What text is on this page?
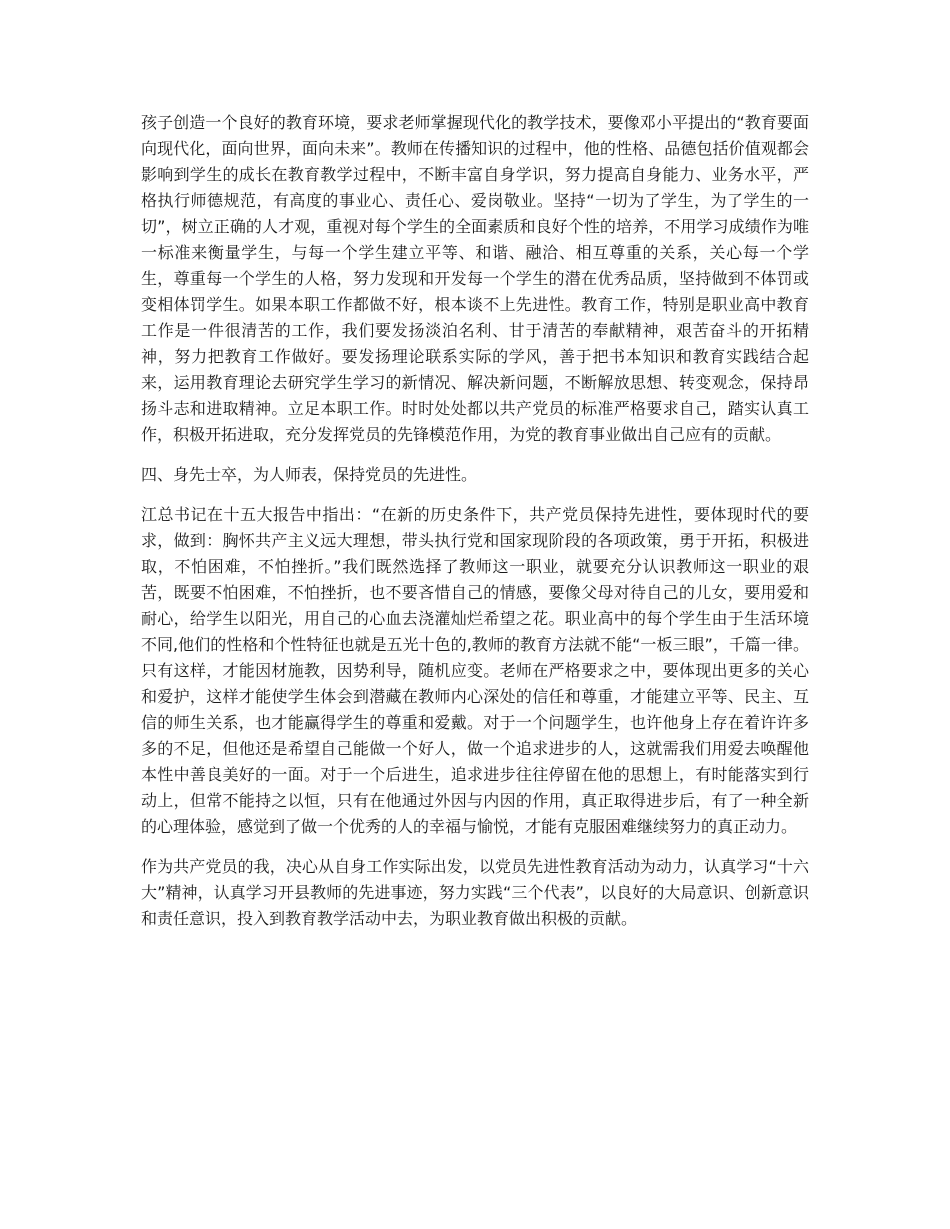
孩子创造一个良好的教育环境，要求老师掌握现代化的教学技术，要像邓小平提出的“教育要面向现代化，面向世界，面向未来”。教师在传播知识的过程中，他的性格、品德包括价值观都会影响到学生的成长在教育教学过程中，不断丰富自身学识，努力提高自身能力、业务水平，严格执行师德规范，有高度的事业心、责任心、爱岗敬业。坚持“一切为了学生，为了学生的一切”，树立正确的人才观，重视对每个学生的全面素质和良好个性的培养，不用学习成绩作为唯一标准来衡量学生，与每一个学生建立平等、和谐、融洽、相互尊重的关系，关心每一个学生，尊重每一个学生的人格，努力发现和开发每一个学生的潜在优秀品质，坚持做到不体罚或变相体罚学生。如果本职工作都做不好，根本谈不上先进性。教育工作，特别是职业高中教育工作是一件很清苦的工作，我们要发扬淡泊名利、甘于清苦的奉献精神，艰苦奋斗的开拓精神，努力把教育工作做好。要发扬理论联系实际的学风，善于把书本知识和教育实践结合起来，运用教育理论去研究学生学习的新情况、解决新问题，不断解放思想、转变观念，保持昂扬斗志和进取精神。立足本职工作。时时处处都以共产党员的标准严格要求自己，踏实认真工作，积极开拓进取，充分发挥党员的先锋模范作用，为党的教育事业做出自己应有的贡献。

四、身先士卒，为人师表，保持党员的先进性。

江总书记在十五大报告中指出：“在新的历史条件下，共产党员保持先进性，要体现时代的要求，做到：胸怀共产主义远大理想，带头执行党和国家现阶段的各项政策，勇于开拓，积极进取，不怕困难，不怕挫折。”我们既然选择了教师这一职业，就要充分认识教师这一职业的艰苦，既要不怕困难，不怕挫折，也不要吝惜自己的情感，要像父母对待自己的儿女，要用爱和耐心，给学生以阳光，用自己的心血去浇灌灿烂希望之花。职业高中的每个学生由于生活环境不同,他们的性格和个性特征也就是五光十色的,教师的教育方法就不能“一板三眼”，千篇一律。只有这样，才能因材施教，因势利导，随机应变。老师在严格要求之中，要体现出更多的关心和爱护，这样才能使学生体会到潜藏在教师内心深处的信任和尊重，才能建立平等、民主、互信的师生关系，也才能赢得学生的尊重和爱戴。对于一个问题学生，也许他身上存在着许许多多的不足，但他还是希望自己能做一个好人，做一个追求进步的人，这就需我们用爱去唤醒他本性中善良美好的一面。对于一个后进生，追求进步往往停留在他的思想上，有时能落实到行动上，但常不能持之以恒，只有在他通过外因与内因的作用，真正取得进步后，有了一种全新的心理体验，感觉到了做一个优秀的人的幸福与愉悦，才能有克服困难继续努力的真正动力。

作为共产党员的我，决心从自身工作实际出发，以党员先进性教育活动为动力，认真学习“十六大”精神，认真学习开县教师的先进事迹，努力实践“三个代表”，以良好的大局意识、创新意识和责任意识，投入到教育教学活动中去，为职业教育做出积极的贡献。
